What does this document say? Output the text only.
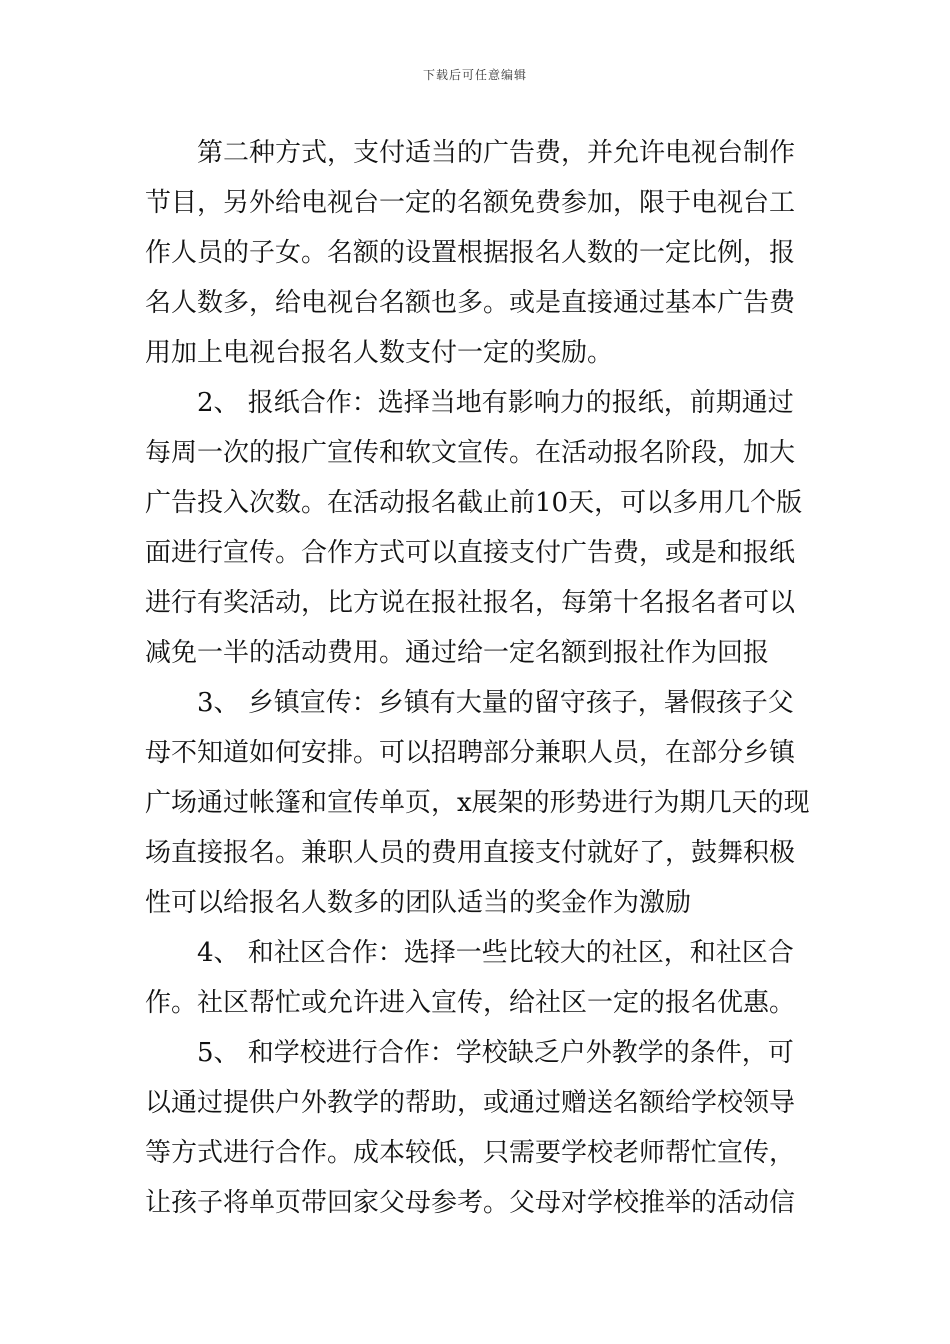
下载后可任意编辑
第二种方式，支付适当的广告费，并允许电视台制作
节目，另外给电视台一定的名额免费参加，限于电视台工
作人员的子女。名额的设置根据报名人数的一定比例，报
名人数多，给电视台名额也多。或是直接通过基本广告费
用加上电视台报名人数支付一定的奖励。
2、 报纸合作：选择当地有影响力的报纸，前期通过
每周一次的报广宣传和软文宣传。在活动报名阶段，加大
广告投入次数。在活动报名截止前10天，可以多用几个版
面进行宣传。合作方式可以直接支付广告费，或是和报纸
进行有奖活动，比方说在报社报名，每第十名报名者可以
减免一半的活动费用。通过给一定名额到报社作为回报
3、 乡镇宣传：乡镇有大量的留守孩子，暑假孩子父
母不知道如何安排。可以招聘部分兼职人员，在部分乡镇
广场通过帐篷和宣传单页，x展架的形势进行为期几天的现
场直接报名。兼职人员的费用直接支付就好了，鼓舞积极
性可以给报名人数多的团队适当的奖金作为激励
4、 和社区合作：选择一些比较大的社区，和社区合
作。社区帮忙或允许进入宣传，给社区一定的报名优惠。
5、 和学校进行合作：学校缺乏户外教学的条件，可
以通过提供户外教学的帮助，或通过赠送名额给学校领导
等方式进行合作。成本较低，只需要学校老师帮忙宣传，
让孩子将单页带回家父母参考。父母对学校推举的活动信
